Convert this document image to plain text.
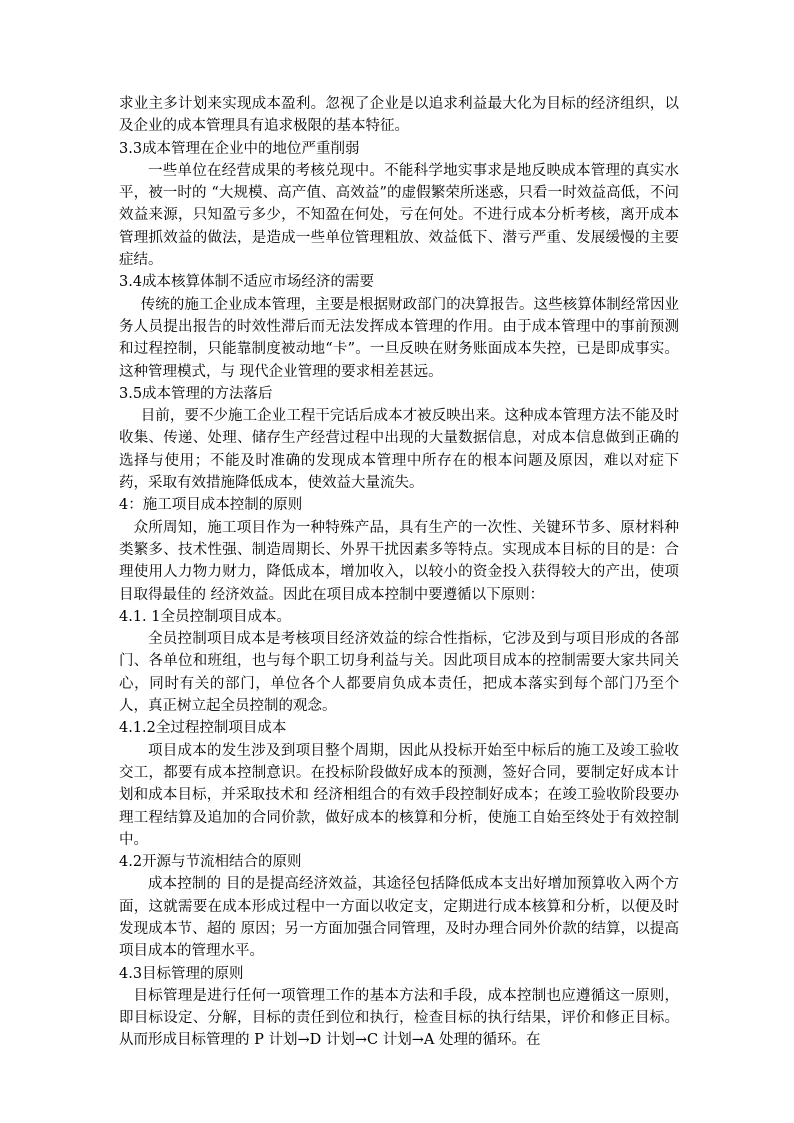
求业主多计划来实现成本盈利。忽视了企业是以追求利益最大化为目标的经济组织，以及企业的成本管理具有追求极限的基本特征。

3.3成本管理在企业中的地位严重削弱

一些单位在经营成果的考核兑现中。不能科学地实事求是地反映成本管理的真实水平，被一时的 “大规模、高产值、高效益”的虚假繁荣所迷惑，只看一时效益高低，不问效益来源，只知盈亏多少，不知盈在何处，亏在何处。不进行成本分析考核，离开成本管理抓效益的做法，是造成一些单位管理粗放、效益低下、潜亏严重、发展缓慢的主要症结。

3.4成本核算体制不适应市场经济的需要

传统的施工企业成本管理，主要是根据财政部门的决算报告。这些核算体制经常因业务人员提出报告的时效性滞后而无法发挥成本管理的作用。由于成本管理中的事前预测和过程控制，只能靠制度被动地“卡”。一旦反映在财务账面成本失控，已是即成事实。这种管理模式，与 现代企业管理的要求相差甚远。

3.5成本管理的方法落后

目前，要不少施工企业工程干完话后成本才被反映出来。这种成本管理方法不能及时收集、传递、处理、储存生产经营过程中出现的大量数据信息，对成本信息做到正确的选择与使用；不能及时准确的发现成本管理中所存在的根本问题及原因，难以对症下药，采取有效措施降低成本，使效益大量流失。

4：施工项目成本控制的原则

众所周知，施工项目作为一种特殊产品，具有生产的一次性、关键环节多、原材料种类繁多、技术性强、制造周期长、外界干扰因素多等特点。实现成本目标的目的是：合理使用人力物力财力，降低成本，增加收入，以较小的资金投入获得较大的产出，使项目取得最佳的 经济效益。因此在项目成本控制中要遵循以下原则：

4.1. 1全员控制项目成本。

全员控制项目成本是考核项目经济效益的综合性指标，它涉及到与项目形成的各部门、各单位和班组，也与每个职工切身利益与关。因此项目成本的控制需要大家共同关心，同时有关的部门，单位各个人都要肩负成本责任，把成本落实到每个部门乃至个人，真正树立起全员控制的观念。

4.1.2全过程控制项目成本

项目成本的发生涉及到项目整个周期，因此从投标开始至中标后的施工及竣工验收交工，都要有成本控制意识。在投标阶段做好成本的预测，签好合同，要制定好成本计划和成本目标，并采取技术和 经济相组合的有效手段控制好成本；在竣工验收阶段要办理工程结算及追加的合同价款，做好成本的核算和分析，使施工自始至终处于有效控制中。

4.2开源与节流相结合的原则

成本控制的 目的是提高经济效益，其途径包括降低成本支出好增加预算收入两个方面，这就需要在成本形成过程中一方面以收定支，定期进行成本核算和分析，以便及时发现成本节、超的 原因；另一方面加强合同管理，及时办理合同外价款的结算，以提高项目成本的管理水平。

4.3目标管理的原则

目标管理是进行任何一项管理工作的基本方法和手段，成本控制也应遵循这一原则，即目标设定、分解，目标的责任到位和执行，检查目标的执行结果，评价和修正目标。从而形成目标管理的 P 计划→D 计划→C 计划→A 处理的循环。在
